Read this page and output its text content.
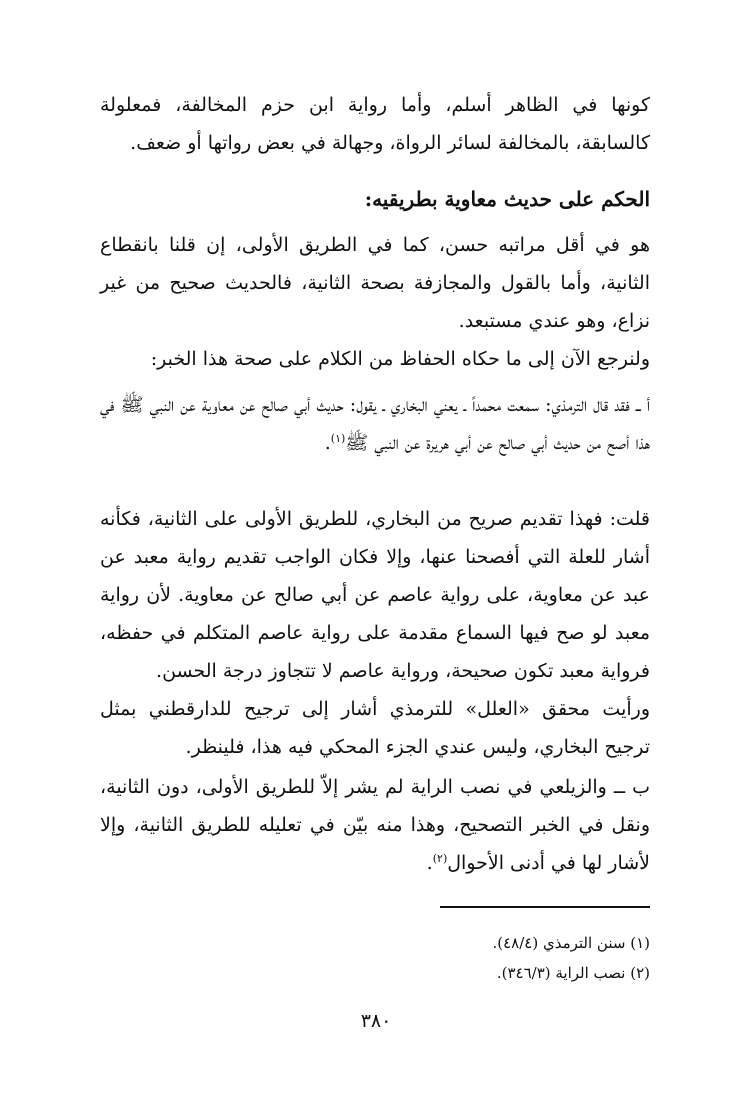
كونها في الظاهر أسلم، وأما رواية ابن حزم المخالفة، فمعلولة كالسابقة، بالمخالفة لسائر الرواة، وجهالة في بعض رواتها أو ضعف.
الحكم على حديث معاوية بطريقيه:
هو في أقل مراتبه حسن، كما في الطريق الأولى، إن قلنا بانقطاع الثانية، وأما بالقول والمجازفة بصحة الثانية، فالحديث صحيح من غير نزاع، وهو عندي مستبعد.
ولنرجع الآن إلى ما حكاه الحفاظ من الكلام على صحة هذا الخبر:
أ ــ فقد قال الترمذي: سمعت محمداً ـ يعني البخاري ـ يقول: حديث أبي صالح عن معاوية عن النبي ﷺ في هذا أصح من حديث أبي صالح عن أبي هريرة عن النبي ﷺ$^{(١)}$.
قلت: فهذا تقديم صريح من البخاري، للطريق الأولى على الثانية، فكأنه أشار للعلة التي أفصحنا عنها، وإلا فكان الواجب تقديم رواية معبد عن عبد عن معاوية، على رواية عاصم عن أبي صالح عن معاوية. لأن رواية معبد لو صح فيها السماع مقدمة على رواية عاصم المتكلم في حفظه، فرواية معبد تكون صحيحة، ورواية عاصم لا تتجاوز درجة الحسن.
ورأيت محقق «العلل» للترمذي أشار إلى ترجيح للدارقطني بمثل ترجيح البخاري، وليس عندي الجزء المحكي فيه هذا، فلينظر.
ب ــ والزيلعي في نصب الراية لم يشر إلاّ للطريق الأولى، دون الثانية، ونقل في الخبر التصحيح، وهذا منه بيّن في تعليله للطريق الثانية، وإلا لأشار لها في أدنى الأحوال$^{(٢)}$.
(١) سنن الترمذي (٤٨/٤).
(٢) نصب الراية (٣٤٦/٣).
٣٨٠
